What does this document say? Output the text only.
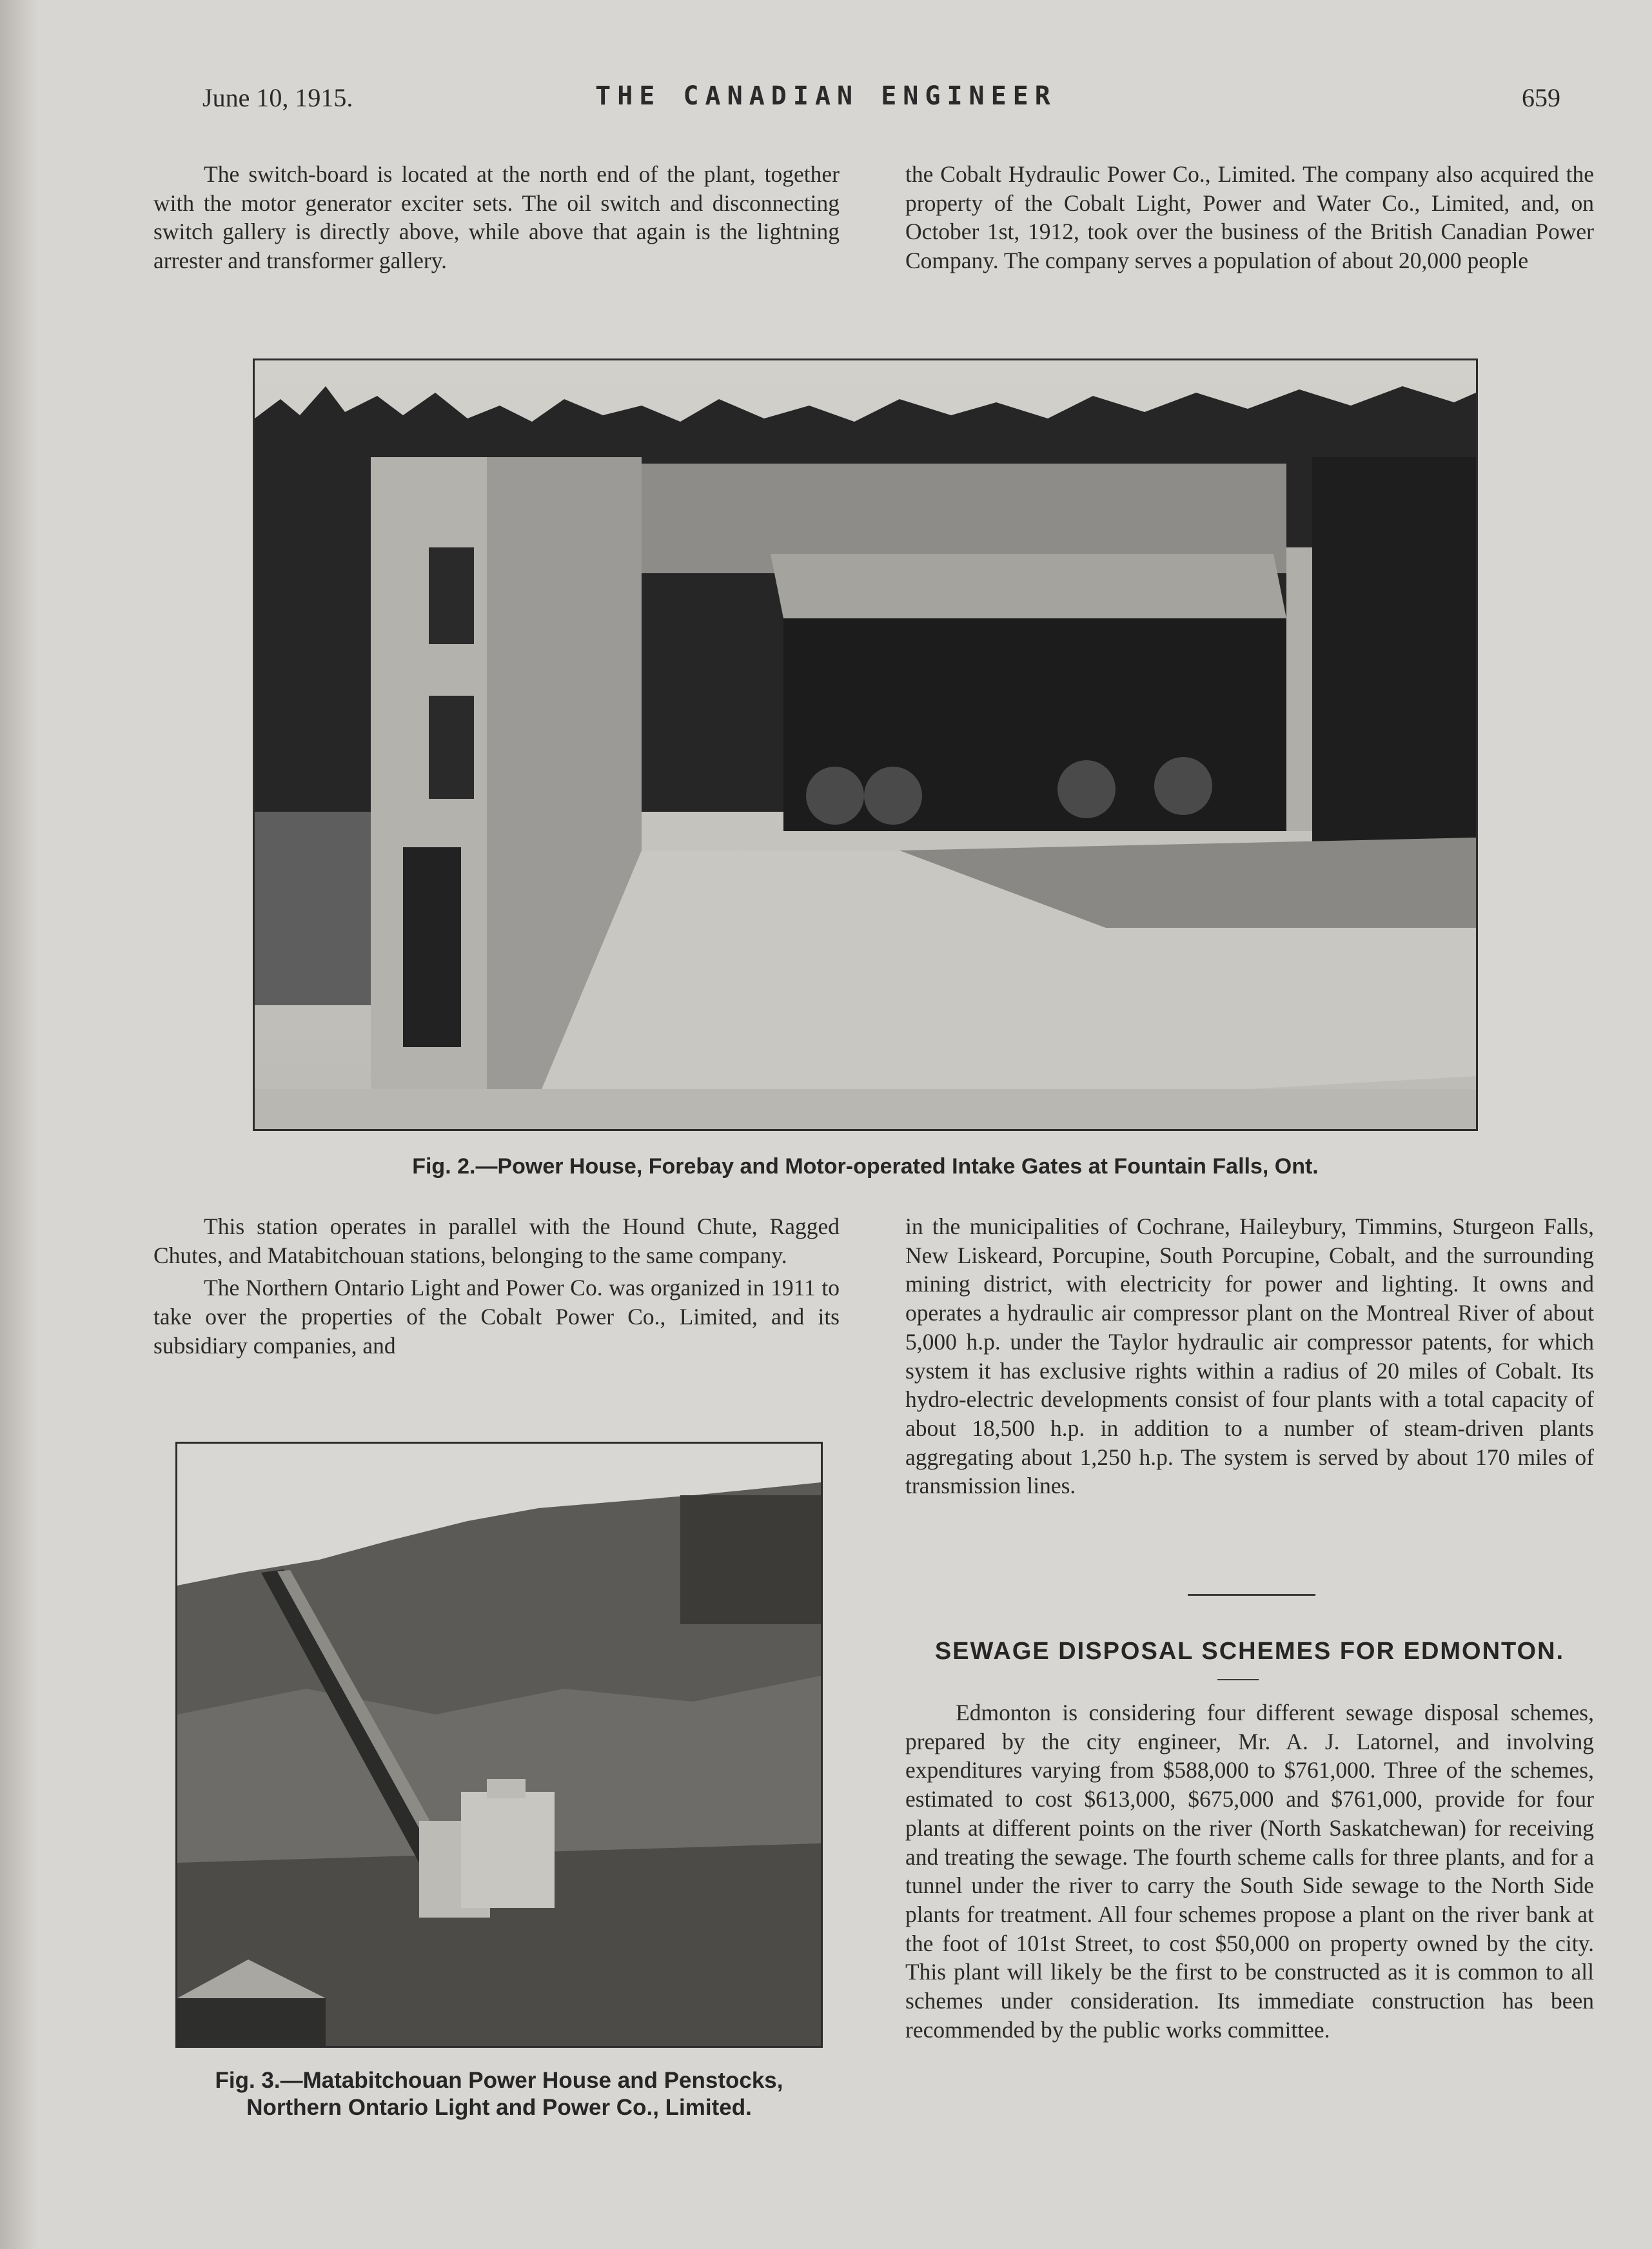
June 10, 1915.	THE CANADIAN ENGINEER	659

The switch-board is located at the north end of the plant, together with the motor generator exciter sets. The oil switch and disconnecting switch gallery is directly above, while above that again is the lightning arrester and transformer gallery.

the Cobalt Hydraulic Power Co., Limited. The company also acquired the property of the Cobalt Light, Power and Water Co., Limited, and, on October 1st, 1912, took over the business of the British Canadian Power Company. The company serves a population of about 20,000 people

Fig. 2.—Power House, Forebay and Motor-operated Intake Gates at Fountain Falls, Ont.

This station operates in parallel with the Hound Chute, Ragged Chutes, and Matabitchouan stations, belonging to the same company.

The Northern Ontario Light and Power Co. was organized in 1911 to take over the properties of the Cobalt Power Co., Limited, and its subsidiary companies, and

in the municipalities of Cochrane, Haileybury, Timmins, Sturgeon Falls, New Liskeard, Porcupine, South Porcupine, Cobalt, and the surrounding mining district, with electricity for power and lighting. It owns and operates a hydraulic air compressor plant on the Montreal River of about 5,000 h.p. under the Taylor hydraulic air compressor patents, for which system it has exclusive rights within a radius of 20 miles of Cobalt. Its hydro-electric developments consist of four plants with a total capacity of about 18,500 h.p. in addition to a number of steam-driven plants aggregating about 1,250 h.p. The system is served by about 170 miles of transmission lines.

Fig. 3.—Matabitchouan Power House and Penstocks,
Northern Ontario Light and Power Co., Limited.
SEWAGE DISPOSAL SCHEMES FOR EDMONTON.

Edmonton is considering four different sewage disposal schemes, prepared by the city engineer, Mr. A. J. Latornel, and involving expenditures varying from $588,000 to $761,000. Three of the schemes, estimated to cost $613,000, $675,000 and $761,000, provide for four plants at different points on the river (North Saskatchewan) for receiving and treating the sewage. The fourth scheme calls for three plants, and for a tunnel under the river to carry the South Side sewage to the North Side plants for treatment. All four schemes propose a plant on the river bank at the foot of 101st Street, to cost $50,000 on property owned by the city. This plant will likely be the first to be constructed as it is common to all schemes under consideration. Its immediate construction has been recommended by the public works committee.
